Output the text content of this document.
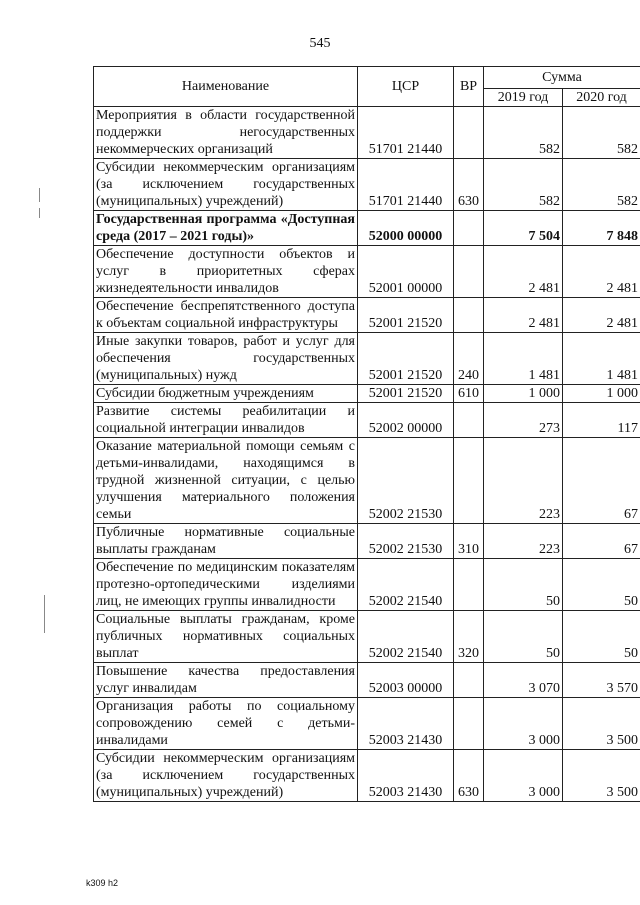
545
Наименование	ЦСР	ВР	Сумма	
			2019 год	2020 год
Мероприятия в области государственной поддержки негосударственных некоммерческих организаций	51701 21440		582	582
Субсидии некоммерческим организациям (за исключением государственных (муниципальных) учреждений)	51701 21440	630	582	582
Государственная программа «Доступная среда (2017 – 2021 годы)»	52000 00000		7 504	7 848
Обеспечение доступности объектов и услуг в приоритетных сферах жизнедеятельности инвалидов	52001 00000		2 481	2 481
Обеспечение беспрепятственного доступа к объектам социальной инфраструктуры	52001 21520		2 481	2 481
Иные закупки товаров, работ и услуг для обеспечения государственных (муниципальных) нужд	52001 21520	240	1 481	1 481
Субсидии бюджетным учреждениям	52001 21520	610	1 000	1 000
Развитие системы реабилитации и социальной интеграции инвалидов	52002 00000		273	117
Оказание материальной помощи семьям с детьми-инвалидами, находящимся в трудной жизненной ситуации, с целью улучшения материального положения семьи	52002 21530		223	67
Публичные нормативные социальные выплаты гражданам	52002 21530	310	223	67
Обеспечение по медицинским показателям протезно-ортопедическими изделиями лиц, не имеющих группы инвалидности	52002 21540		50	50
Социальные выплаты гражданам, кроме публичных нормативных социальных выплат	52002 21540	320	50	50
Повышение качества предоставления услуг инвалидам	52003 00000		3 070	3 570
Организация работы по социальному сопровождению семей с детьми-инвалидами	52003 21430		3 000	3 500
Субсидии некоммерческим организациям (за исключением государственных (муниципальных) учреждений)	52003 21430	630	3 000	3 500
k309 h2
